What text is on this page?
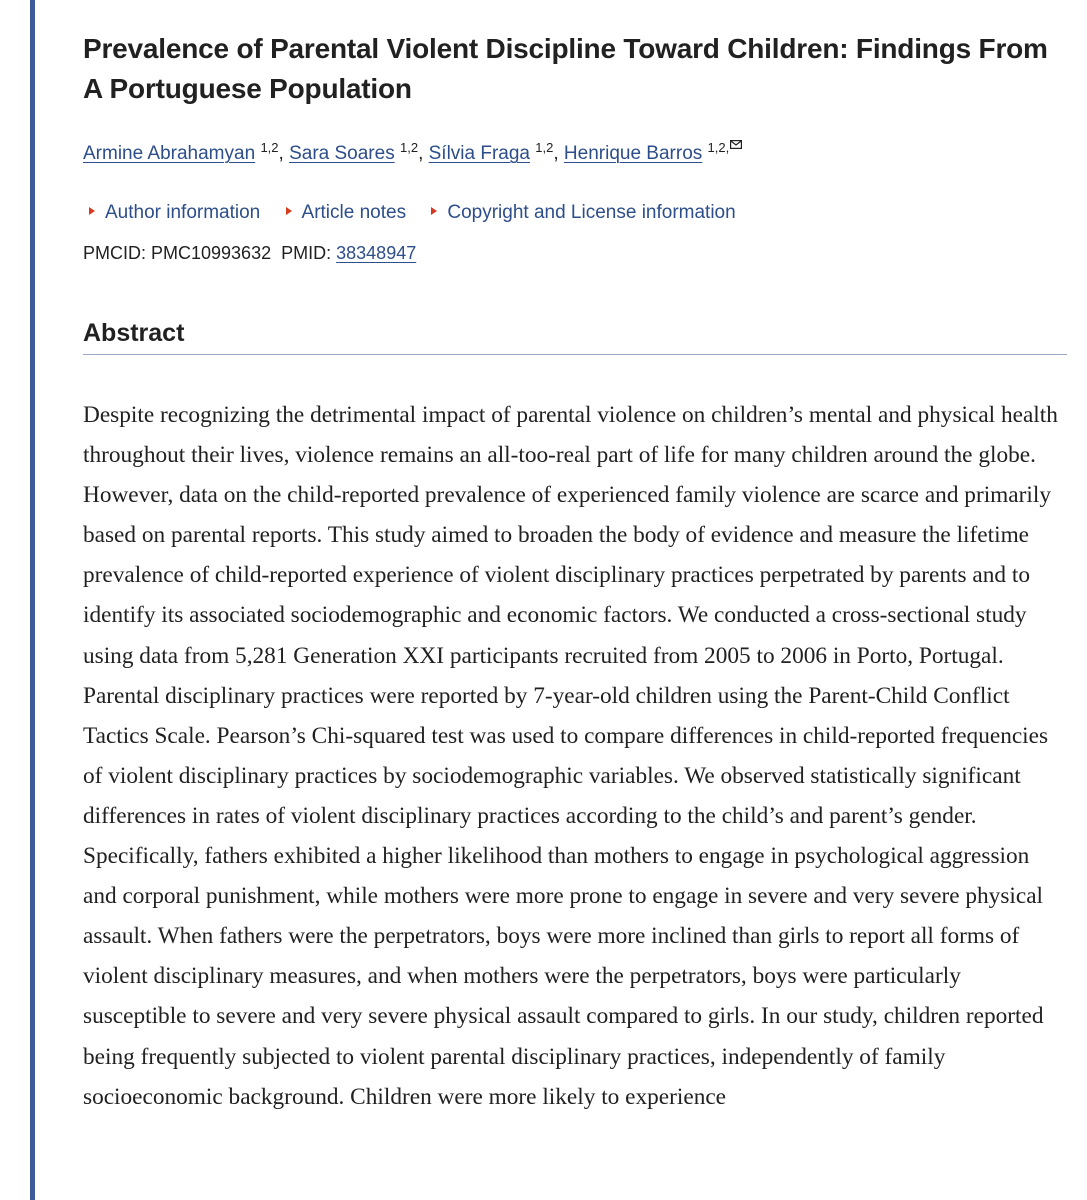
Prevalence of Parental Violent Discipline Toward Children: Findings From A Portuguese Population
Armine Abrahamyan $^{1,2}$, Sara Soares $^{1,2}$, Sílvia Fraga $^{1,2}$, Henrique Barros $^{1,2,}$
Author information Article notes Copyright and License information
PMCID: PMC10993632 PMID: 38348947
Abstract

Despite recognizing the detrimental impact of parental violence on children’s mental and physical health throughout their lives, violence remains an all-too-real part of life for many children around the globe. However, data on the child-reported prevalence of experienced family violence are scarce and primarily based on parental reports. This study aimed to broaden the body of evidence and measure the lifetime prevalence of child-reported experience of violent disciplinary practices perpetrated by parents and to identify its associated sociodemographic and economic factors. We conducted a cross-sectional study using data from 5,281 Generation XXI participants recruited from 2005 to 2006 in Porto, Portugal. Parental disciplinary practices were reported by 7-year-old children using the Parent-Child Conflict Tactics Scale. Pearson’s Chi-squared test was used to compare differences in child-reported frequencies of violent disciplinary practices by sociodemographic variables. We observed statistically significant differences in rates of violent disciplinary practices according to the child’s and parent’s gender. Specifically, fathers exhibited a higher likelihood than mothers to engage in psychological aggression and corporal punishment, while mothers were more prone to engage in severe and very severe physical assault. When fathers were the perpetrators, boys were more inclined than girls to report all forms of violent disciplinary measures, and when mothers were the perpetrators, boys were particularly susceptible to severe and very severe physical assault compared to girls. In our study, children reported being frequently subjected to violent parental disciplinary practices, independently of family socioeconomic background. Children were more likely to experience
